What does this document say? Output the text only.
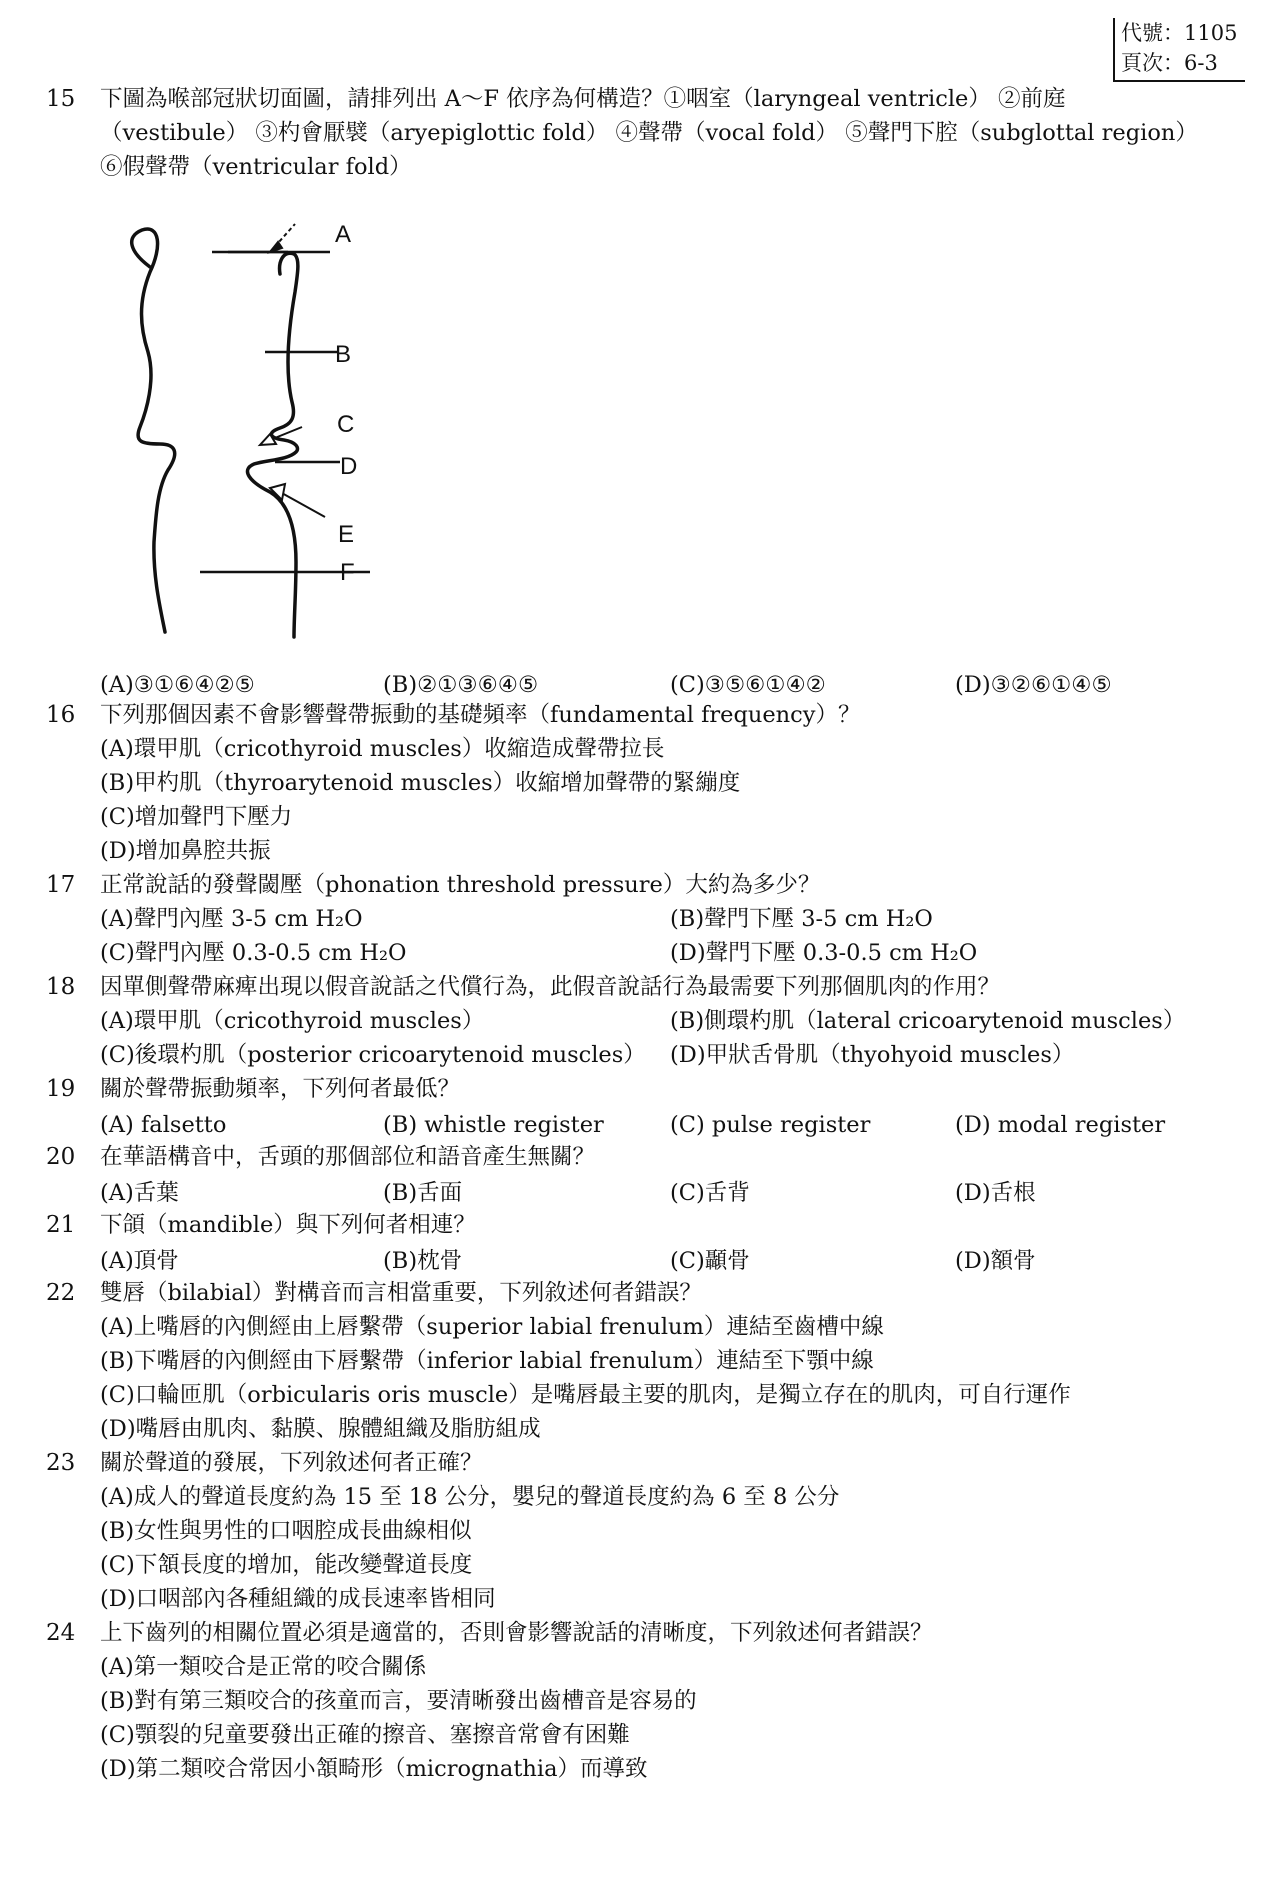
代號：1105
頁次：6-3
15	下圖為喉部冠狀切面圖，請排列出 A～F 依序為何構造？①咽室（laryngeal ventricle） ②前庭
（vestibule） ③杓會厭襞（aryepiglottic fold） ④聲帶（vocal fold） ⑤聲門下腔（subglottal region）
⑥假聲帶（ventricular fold）
A
B
C
D
E
F
(A)③①⑥④②⑤	(B)②①③⑥④⑤	(C)③⑤⑥①④②	(D)③②⑥①④⑤
16	下列那個因素不會影響聲帶振動的基礎頻率（fundamental frequency）？
(A)環甲肌（cricothyroid muscles）收縮造成聲帶拉長
(B)甲杓肌（thyroarytenoid muscles）收縮增加聲帶的緊繃度
(C)增加聲門下壓力
(D)增加鼻腔共振
17	正常說話的發聲閾壓（phonation threshold pressure）大約為多少？
(A)聲門內壓 3-5 cm H₂O	(B)聲門下壓 3-5 cm H₂O
(C)聲門內壓 0.3-0.5 cm H₂O	(D)聲門下壓 0.3-0.5 cm H₂O
18	因單側聲帶麻痺出現以假音說話之代償行為，此假音說話行為最需要下列那個肌肉的作用？
(A)環甲肌（cricothyroid muscles）	(B)側環杓肌（lateral cricoarytenoid muscles）
(C)後環杓肌（posterior cricoarytenoid muscles） (D)甲狀舌骨肌（thyohyoid muscles）
19	關於聲帶振動頻率，下列何者最低？
(A) falsetto	(B) whistle register	(C) pulse register	(D) modal register
20	在華語構音中，舌頭的那個部位和語音產生無關？
(A)舌葉	(B)舌面	(C)舌背	(D)舌根
21	下頜（mandible）與下列何者相連？
(A)頂骨	(B)枕骨	(C)顳骨	(D)額骨
22	雙唇（bilabial）對構音而言相當重要，下列敘述何者錯誤？
(A)上嘴唇的內側經由上唇繫帶（superior labial frenulum）連結至齒槽中線
(B)下嘴唇的內側經由下唇繫帶（inferior labial frenulum）連結至下顎中線
(C)口輪匝肌（orbicularis oris muscle）是嘴唇最主要的肌肉，是獨立存在的肌肉，可自行運作
(D)嘴唇由肌肉、黏膜、腺體組織及脂肪組成
23	關於聲道的發展，下列敘述何者正確？
(A)成人的聲道長度約為 15 至 18 公分，嬰兒的聲道長度約為 6 至 8 公分
(B)女性與男性的口咽腔成長曲線相似
(C)下頷長度的增加，能改變聲道長度
(D)口咽部內各種組織的成長速率皆相同
24	上下齒列的相關位置必須是適當的，否則會影響說話的清晰度，下列敘述何者錯誤？
(A)第一類咬合是正常的咬合關係
(B)對有第三類咬合的孩童而言，要清晰發出齒槽音是容易的
(C)顎裂的兒童要發出正確的擦音、塞擦音常會有困難
(D)第二類咬合常因小頷畸形（micrognathia）而導致
